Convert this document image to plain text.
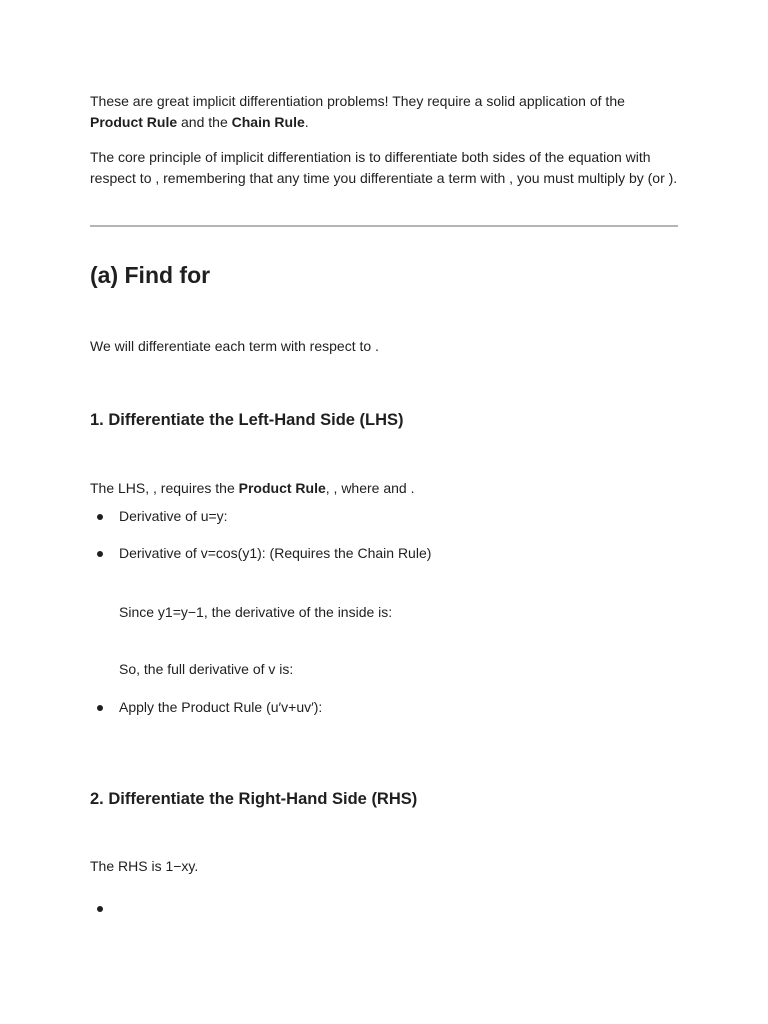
These are great implicit differentiation problems! They require a solid application of the Product Rule and the Chain Rule.

The core principle of implicit differentiation is to differentiate both sides of the equation with respect to , remembering that any time you differentiate a term with , you must multiply by (or ).

(a) Find for

We will differentiate each term with respect to .

1. Differentiate the Left-Hand Side (LHS)

The LHS, , requires the Product Rule, , where and .

Derivative of u=y:
Derivative of v=cos(y1): (Requires the Chain Rule)

Since y1=y−1, the derivative of the inside is:

So, the full derivative of v is:

Apply the Product Rule (u′v+uv′):
2. Differentiate the Right-Hand Side (RHS)

The RHS is 1−xy.
